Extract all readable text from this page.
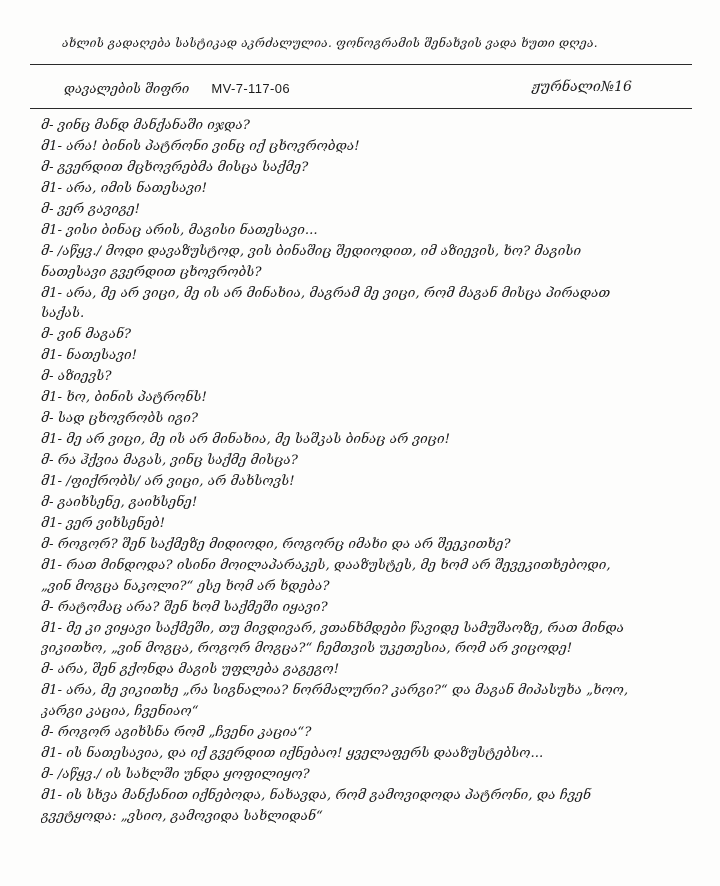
ახლის გადაღება სასტიკად აკრძალულია. ფონოგრამის შენახვის ვადა ხუთი დღეა.
დავალების შიფრი MV-7-117-06	ჟურნალი№16
მ- ვინც მანდ მანქანაში იჯდა?
მ1- არა! ბინის პატრონი ვინც იქ ცხოვრობდა!
მ- გვერდით მცხოვრებმა მისცა საქმე?
მ1- არა, იმის ნათესავი!
მ- ვერ გავიგე!
მ1- ვისი ბინაც არის, მაგისი ნათესავი...
მ- /აწყვ./ მოდი დავაზუსტოდ, ვის ბინაშიც შედიოდით, იმ აზიევის, ხო? მაგისი
ნათესავი გვერდით ცხოვრობს?
მ1- არა, მე არ ვიცი, მე ის არ მინახია, მაგრამ მე ვიცი, რომ მაგან მისცა პირადათ
საქას.
მ- ვინ მაგან?
მ1- ნათესავი!
მ- აზიევს?
მ1- ხო, ბინის პატრონს!
მ- სად ცხოვრობს იგი?
მ1- მე არ ვიცი, მე ის არ მინახია, მე საშკას ბინაც არ ვიცი!
მ- რა ჰქვია მაგას, ვინც საქმე მისცა?
მ1- /ფიქრობს/ არ ვიცი, არ მახსოვს!
მ- გაიხსენე, გაიხსენე!
მ1- ვერ ვიხსენებ!
მ- როგორ? შენ საქმეზე მიდიოდი, როგორც იმახი და არ შეეკითხე?
მ1- რათ მინდოდა? ისინი მოილაპარაკეს, დააზუსტეს, მე ხომ არ შევეკითხებოდი,
„ვინ მოგცა ნაკოლი?“ ესე ხომ არ ხდება?
მ- რატომაც არა? შენ ხომ საქმეში იყავი?
მ1- მე კი ვიყავი საქმეში, თუ მივდივარ, ვთანხმდები წავიდე სამუშაოზე, რათ მინდა
ვიკითხო, „ვინ მოგცა, როგორ მოგცა?“ ჩემთვის უკეთესია, რომ არ ვიცოდე!
მ- არა, შენ გქონდა მაგის უფლება გაგეგო!
მ1- არა, მე ვიკითხე „რა სიგნალია? ნორმალური? კარგი?“ და მაგან მიპასუხა „ხოო,
კარგი კაცია, ჩვენიაო“
მ- როგორ აგიხსნა რომ „ჩვენი კაცია“?
მ1- ის ნათესავია, და იქ გვერდით იქნებაო! ყველაფერს დააზუსტებსო...
მ- /აწყვ./ ის სახლში უნდა ყოფილიყო?
მ1- ის სხვა მანქანით იქნებოდა, ნახავდა, რომ გამოვიდოდა პატრონი, და ჩვენ
გვეტყოდა: „ვსიო, გამოვიდა სახლიდან“
